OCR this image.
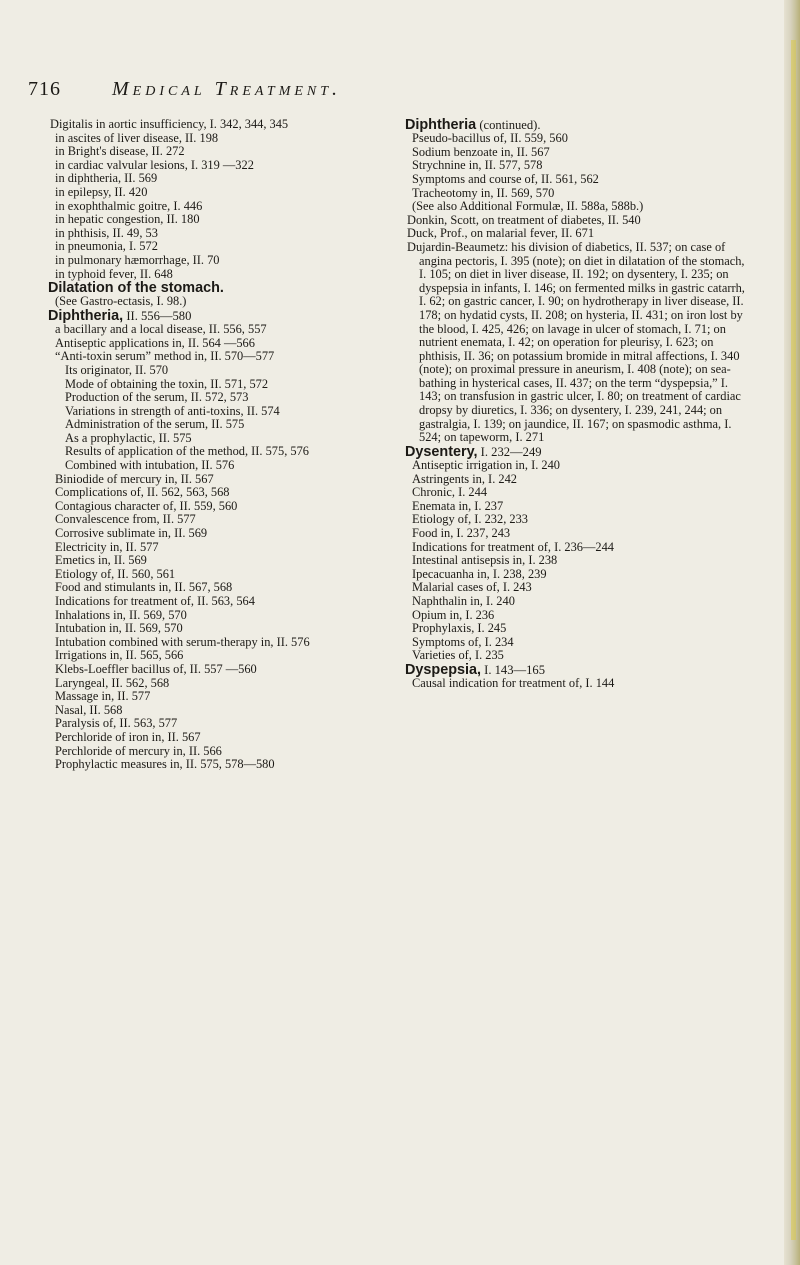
716	Medical Treatment.
Digitalis in aortic insufficiency, I. 342, 344, 345
in ascites of liver disease, II. 198
in Bright's disease, II. 272
in cardiac valvular lesions, I. 319 —322
in diphtheria, II. 569
in epilepsy, II. 420
in exophthalmic goitre, I. 446
in hepatic congestion, II. 180
in phthisis, II. 49, 53
in pneumonia, I. 572
in pulmonary hæmorrhage, II. 70
in typhoid fever, II. 648
Dilatation of the stomach.
(See Gastro-ectasis, I. 98.)
Diphtheria, II. 556—580
a bacillary and a local disease, II. 556, 557
Antiseptic applications in, II. 564 —566
“Anti-toxin serum” method in, II. 570—577
Its originator, II. 570
Mode of obtaining the toxin, II. 571, 572
Production of the serum, II. 572, 573
Variations in strength of anti-toxins, II. 574
Administration of the serum, II. 575
As a prophylactic, II. 575
Results of application of the method, II. 575, 576
Combined with intubation, II. 576
Biniodide of mercury in, II. 567
Complications of, II. 562, 563, 568
Contagious character of, II. 559, 560
Convalescence from, II. 577
Corrosive sublimate in, II. 569
Electricity in, II. 577
Emetics in, II. 569
Etiology of, II. 560, 561
Food and stimulants in, II. 567, 568
Indications for treatment of, II. 563, 564
Inhalations in, II. 569, 570
Intubation in, II. 569, 570
Intubation combined with serum-therapy in, II. 576
Irrigations in, II. 565, 566
Klebs-Loeffler bacillus of, II. 557 —560
Laryngeal, II. 562, 568
Massage in, II. 577
Nasal, II. 568
Paralysis of, II. 563, 577
Perchloride of iron in, II. 567
Perchloride of mercury in, II. 566
Prophylactic measures in, II. 575, 578—580
Diphtheria (continued).
Pseudo-bacillus of, II. 559, 560
Sodium benzoate in, II. 567
Strychnine in, II. 577, 578
Symptoms and course of, II. 561, 562
Tracheotomy in, II. 569, 570
(See also Additional Formulæ, II. 588a, 588b.)
Donkin, Scott, on treatment of diabetes, II. 540
Duck, Prof., on malarial fever, II. 671
Dujardin-Beaumetz: his division of diabetics, II. 537; on case of angina pectoris, I. 395 (note); on diet in dilatation of the stomach, I. 105; on diet in liver disease, II. 192; on dysentery, I. 235; on dyspepsia in infants, I. 146; on fermented milks in gastric catarrh, I. 62; on gastric cancer, I. 90; on hydrotherapy in liver disease, II. 178; on hydatid cysts, II. 208; on hysteria, II. 431; on iron lost by the blood, I. 425, 426; on lavage in ulcer of stomach, I. 71; on nutrient enemata, I. 42; on operation for pleurisy, I. 623; on phthisis, II. 36; on potassium bromide in mitral affections, I. 340 (note); on proximal pressure in aneurism, I. 408 (note); on sea-bathing in hysterical cases, II. 437; on the term “dyspepsia,” I. 143; on transfusion in gastric ulcer, I. 80; on treatment of cardiac dropsy by diuretics, I. 336; on dysentery, I. 239, 241, 244; on gastralgia, I. 139; on jaundice, II. 167; on spasmodic asthma, I. 524; on tapeworm, I. 271
Dysentery, I. 232—249
Antiseptic irrigation in, I. 240
Astringents in, I. 242
Chronic, I. 244
Enemata in, I. 237
Etiology of, I. 232, 233
Food in, I. 237, 243
Indications for treatment of, I. 236—244
Intestinal antisepsis in, I. 238
Ipecacuanha in, I. 238, 239
Malarial cases of, I. 243
Naphthalin in, I. 240
Opium in, I. 236
Prophylaxis, I. 245
Symptoms of, I. 234
Varieties of, I. 235
Dyspepsia, I. 143—165
Causal indication for treatment of, I. 144
